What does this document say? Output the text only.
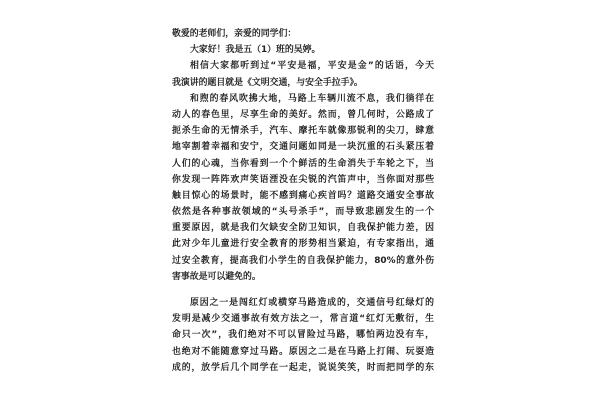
敬爱的老师们，亲爱的同学们：
大家好！我是五（1）班的吴婷。
相信大家都听到过“平安是福，平安是金”的话语，今天
我演讲的题目就是《文明交通，与安全手拉手》。
和煦的春风吹拂大地，马路上车辆川流不息，我们徜徉在
动人的春色里，尽享生命的美好。然而，曾几何时，公路成了
扼杀生命的无情杀手，汽车、摩托车就像那锐利的尖刀，肆意
地宰割着幸福和安宁，交通问题如同是一块沉重的石头紧压着
人们的心魂，当你看到一个个鲜活的生命消失于车轮之下，当
你发现一阵阵欢声笑语湮没在尖锐的汽笛声中，当你面对那些
触目惊心的场景时，能不感到痛心疾首吗？道路交通安全事故
依然是各种事故领域的“头号杀手”，而导致悲剧发生的一个
重要原因，就是我们欠缺安全防卫知识，自我保护能力差，因
此对少年儿童进行安全教育的形势相当紧迫，有专家指出，通
过安全教育，提高我们小学生的自我保护能力，80%的意外伤
害事故是可以避免的。
原因之一是闯红灯或横穿马路造成的，交通信号红绿灯的
发明是减少交通事故有效方法之一，常言道“红灯无敷衍，生
命只一次”，我们绝对不可以冒险过马路，哪怕两边没有车，
也绝对不能随意穿过马路。原因之二是在马路上打闹、玩耍造
成的，放学后几个同学在一起走，说说笑笑，时而把同学的东
